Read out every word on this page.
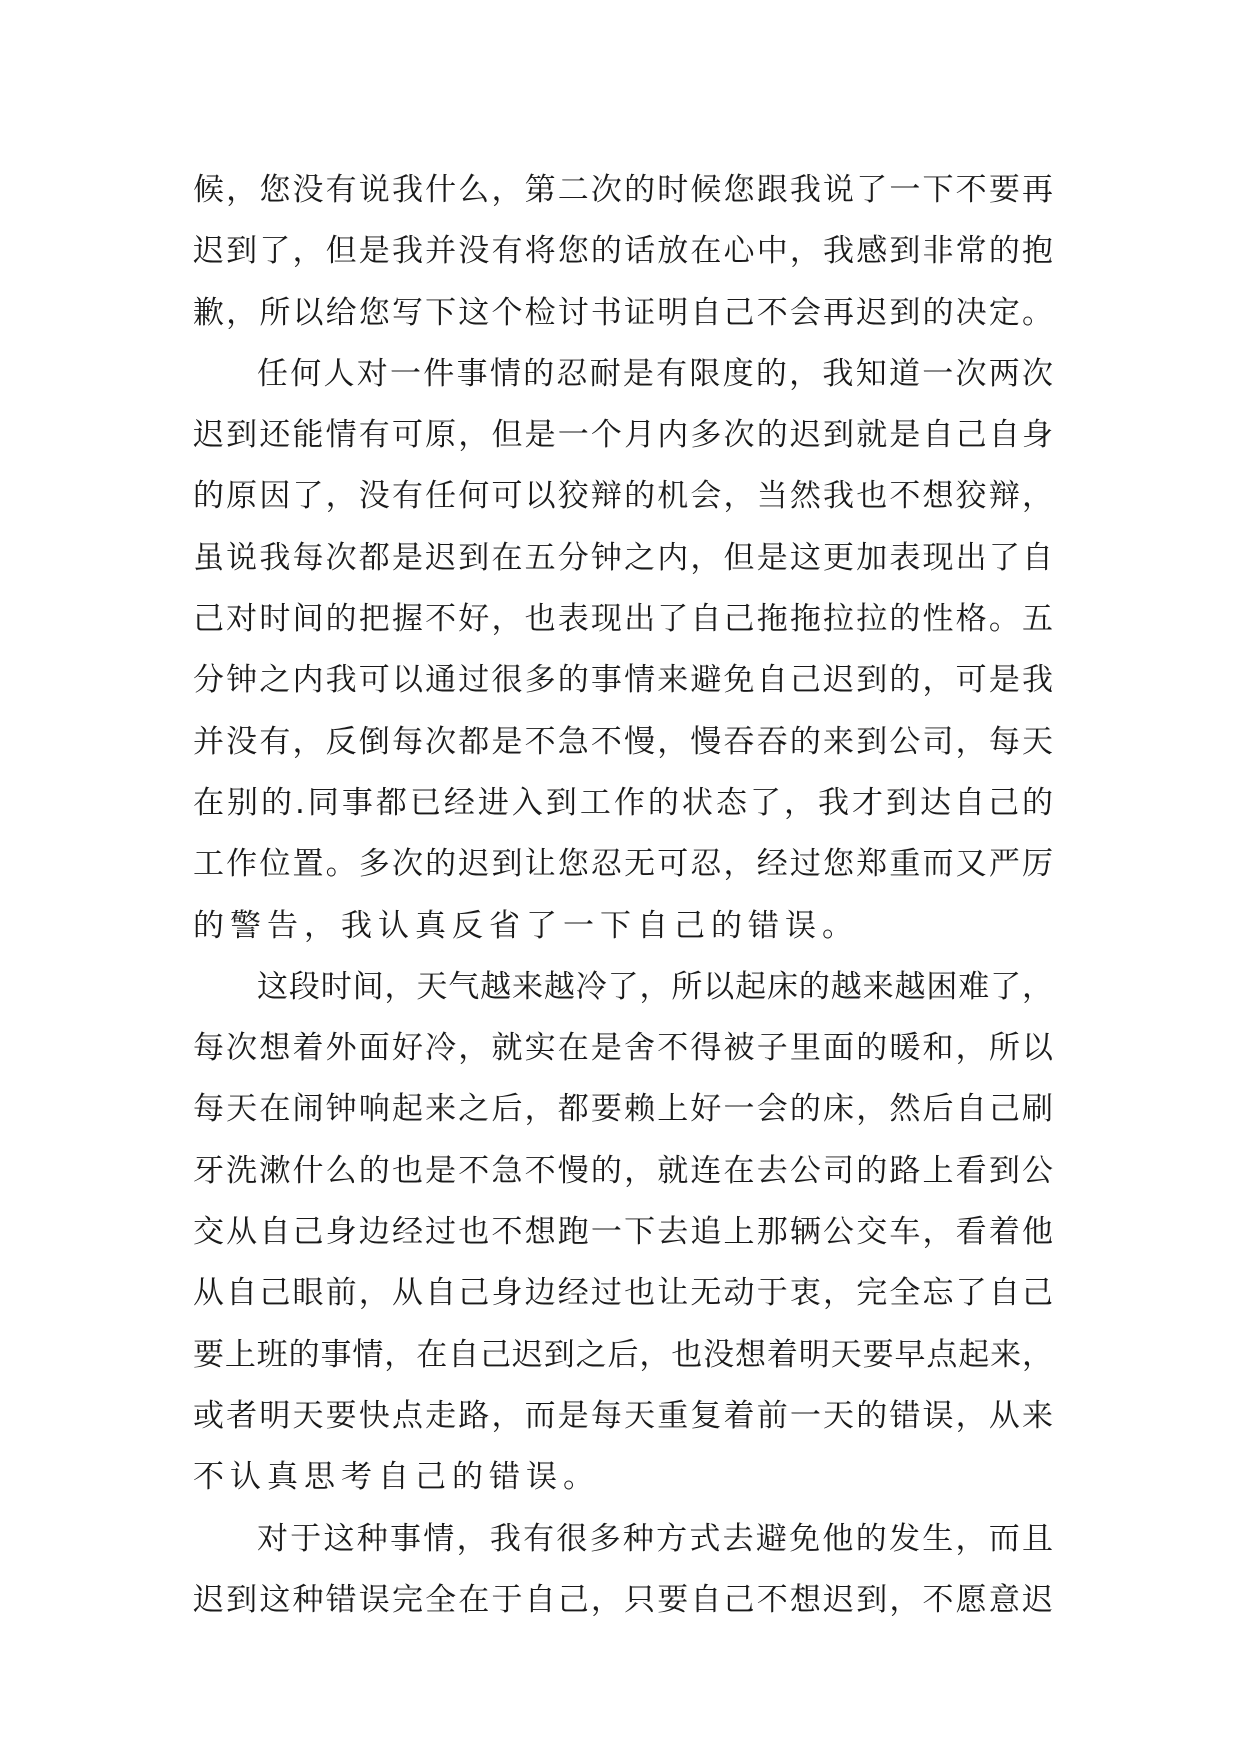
候，您没有说我什么，第二次的时候您跟我说了一下不要再
迟到了，但是我并没有将您的话放在心中，我感到非常的抱
歉，所以给您写下这个检讨书证明自己不会再迟到的决定。
任何人对一件事情的忍耐是有限度的，我知道一次两次
迟到还能情有可原，但是一个月内多次的迟到就是自己自身
的原因了，没有任何可以狡辩的机会，当然我也不想狡辩，
虽说我每次都是迟到在五分钟之内，但是这更加表现出了自
己对时间的把握不好，也表现出了自己拖拖拉拉的性格。五
分钟之内我可以通过很多的事情来避免自己迟到的，可是我
并没有，反倒每次都是不急不慢，慢吞吞的来到公司，每天
在别的.同事都已经进入到工作的状态了，我才到达自己的
工作位置。多次的迟到让您忍无可忍，经过您郑重而又严厉
的警告，我认真反省了一下自己的错误。
这段时间，天气越来越冷了，所以起床的越来越困难了，
每次想着外面好冷，就实在是舍不得被子里面的暖和，所以
每天在闹钟响起来之后，都要赖上好一会的床，然后自己刷
牙洗漱什么的也是不急不慢的，就连在去公司的路上看到公
交从自己身边经过也不想跑一下去追上那辆公交车，看着他
从自己眼前，从自己身边经过也让无动于衷，完全忘了自己
要上班的事情，在自己迟到之后，也没想着明天要早点起来，
或者明天要快点走路，而是每天重复着前一天的错误，从来
不认真思考自己的错误。
对于这种事情，我有很多种方式去避免他的发生，而且
迟到这种错误完全在于自己，只要自己不想迟到，不愿意迟
